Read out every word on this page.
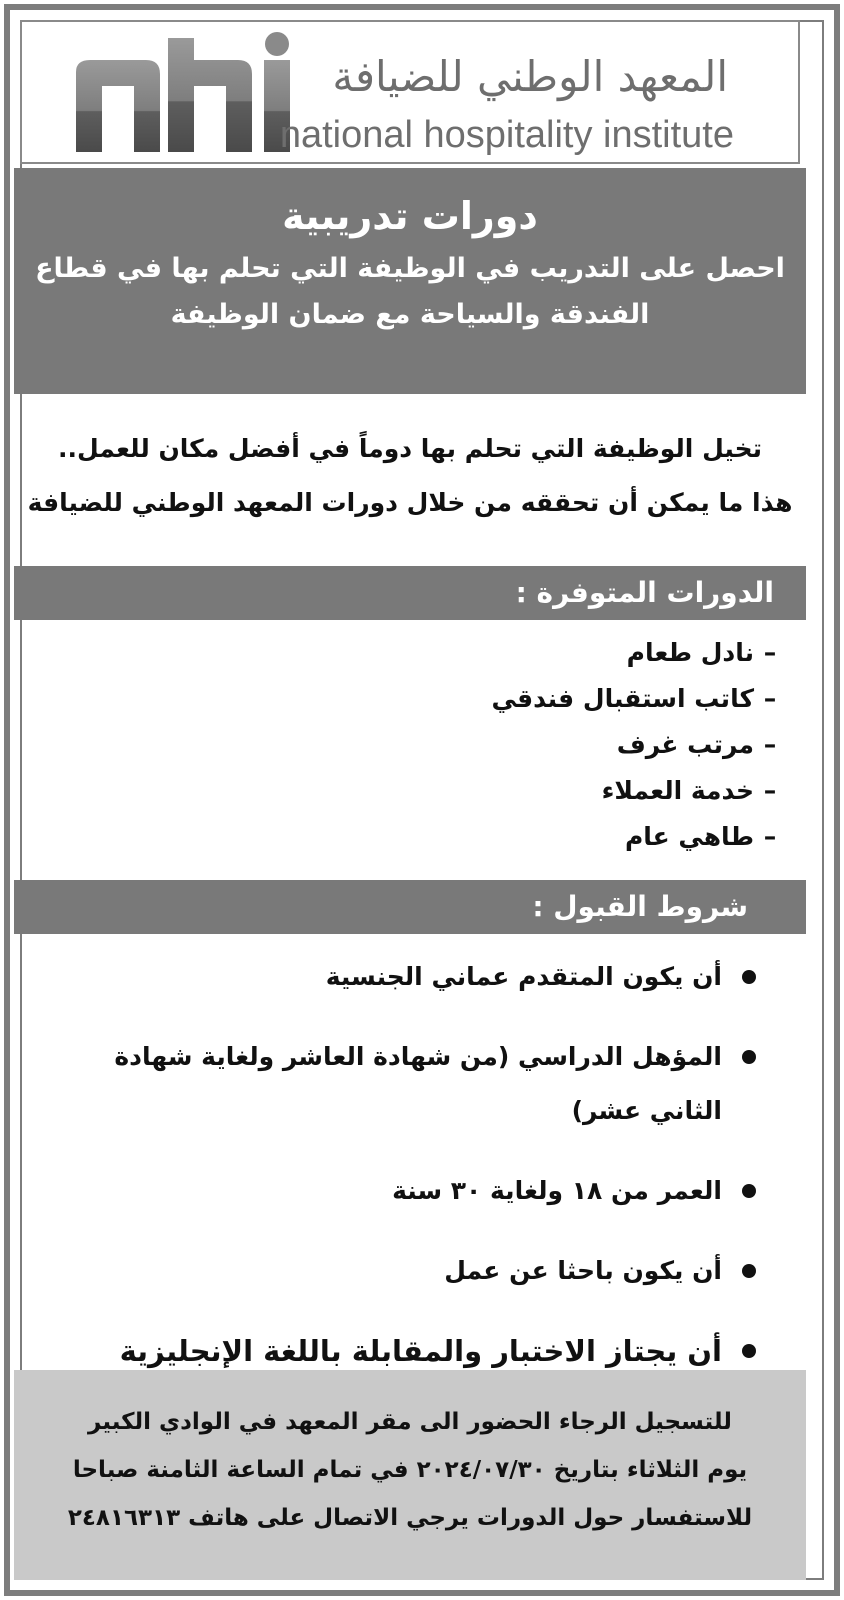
المعهد الوطني للضيافة
national hospitality institute
دورات تدريبية
احصل على التدريب في الوظيفة التي تحلم بها في قطاع
الفندقة والسياحة مع ضمان الوظيفة
تخيل الوظيفة التي تحلم بها دوماً في أفضل مكان للعمل..
هذا ما يمكن أن تحققه من خلال دورات المعهد الوطني للضيافة
الدورات المتوفرة :
–نادل طعام
–كاتب استقبال فندقي
–مرتب غرف
–خدمة العملاء
–طاهي عام
شروط القبول :
أن يكون المتقدم عماني الجنسية
المؤهل الدراسي (من شهادة العاشر ولغاية شهادة الثاني عشر)
العمر من ١٨ ولغاية ٣٠ سنة
أن يكون باحثا عن عمل
أن يجتاز الاختبار والمقابلة باللغة الإنجليزية
للتسجيل الرجاء الحضور الى مقر المعهد في الوادي الكبير
يوم الثلاثاء بتاريخ ٢٠٢٤/٠٧/٣٠ في تمام الساعة الثامنة صباحا
للاستفسار حول الدورات يرجي الاتصال على هاتف ٢٤٨١٦٣١٣
